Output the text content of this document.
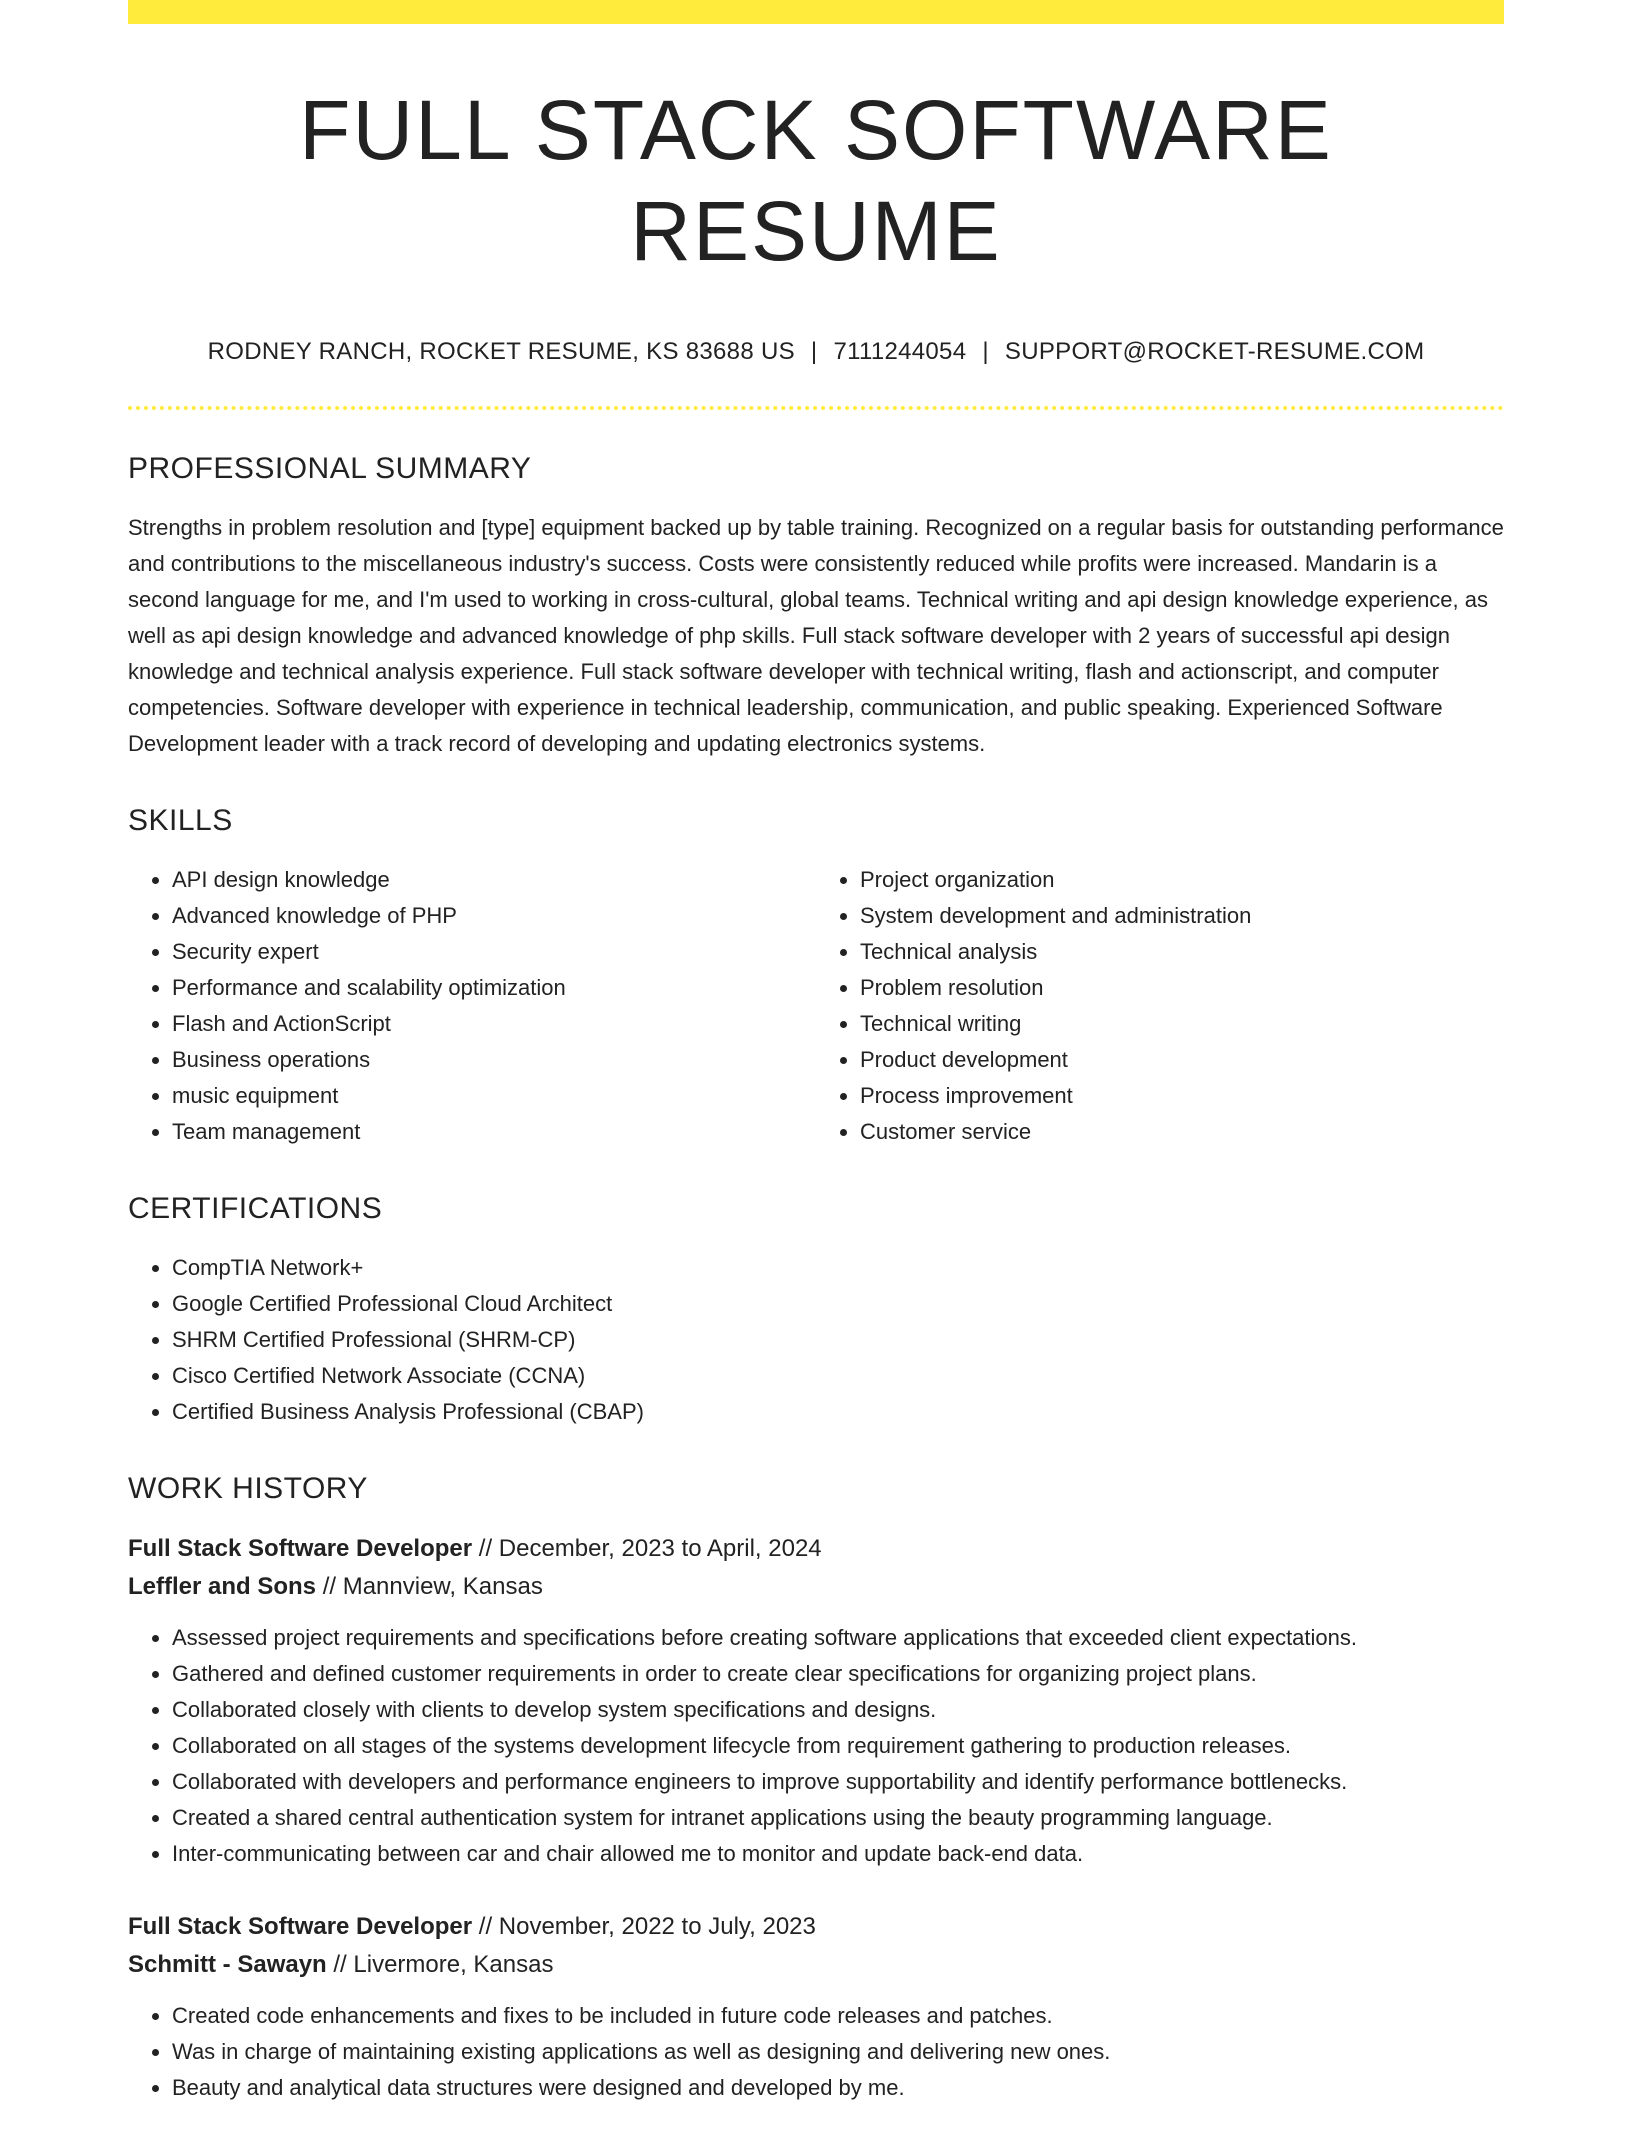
FULL STACK SOFTWARE RESUME
RODNEY RANCH, ROCKET RESUME, KS 83688 US | 7111244054 | SUPPORT@ROCKET-RESUME.COM
PROFESSIONAL SUMMARY

Strengths in problem resolution and [type] equipment backed up by table training. Recognized on a regular basis for outstanding performance and contributions to the miscellaneous industry's success. Costs were consistently reduced while profits were increased. Mandarin is a second language for me, and I'm used to working in cross-cultural, global teams. Technical writing and api design knowledge experience, as well as api design knowledge and advanced knowledge of php skills. Full stack software developer with 2 years of successful api design knowledge and technical analysis experience. Full stack software developer with technical writing, flash and actionscript, and computer competencies. Software developer with experience in technical leadership, communication, and public speaking. Experienced Software Development leader with a track record of developing and updating electronics systems.

SKILLS
• API design knowledge
• Advanced knowledge of PHP
• Security expert
• Performance and scalability optimization
• Flash and ActionScript
• Business operations
• music equipment
• Team management
• Project organization
• System development and administration
• Technical analysis
• Problem resolution
• Technical writing
• Product development
• Process improvement
• Customer service
CERTIFICATIONS
• CompTIA Network+
• Google Certified Professional Cloud Architect
• SHRM Certified Professional (SHRM-CP)
• Cisco Certified Network Associate (CCNA)
• Certified Business Analysis Professional (CBAP)
WORK HISTORY
Full Stack Software Developer // December, 2023 to April, 2024
Leffler and Sons // Mannview, Kansas
• Assessed project requirements and specifications before creating software applications that exceeded client expectations.
• Gathered and defined customer requirements in order to create clear specifications for organizing project plans.
• Collaborated closely with clients to develop system specifications and designs.
• Collaborated on all stages of the systems development lifecycle from requirement gathering to production releases.
• Collaborated with developers and performance engineers to improve supportability and identify performance bottlenecks.
• Created a shared central authentication system for intranet applications using the beauty programming language.
• Inter-communicating between car and chair allowed me to monitor and update back-end data.
Full Stack Software Developer // November, 2022 to July, 2023
Schmitt - Sawayn // Livermore, Kansas
• Created code enhancements and fixes to be included in future code releases and patches.
• Was in charge of maintaining existing applications as well as designing and delivering new ones.
• Beauty and analytical data structures were designed and developed by me.
